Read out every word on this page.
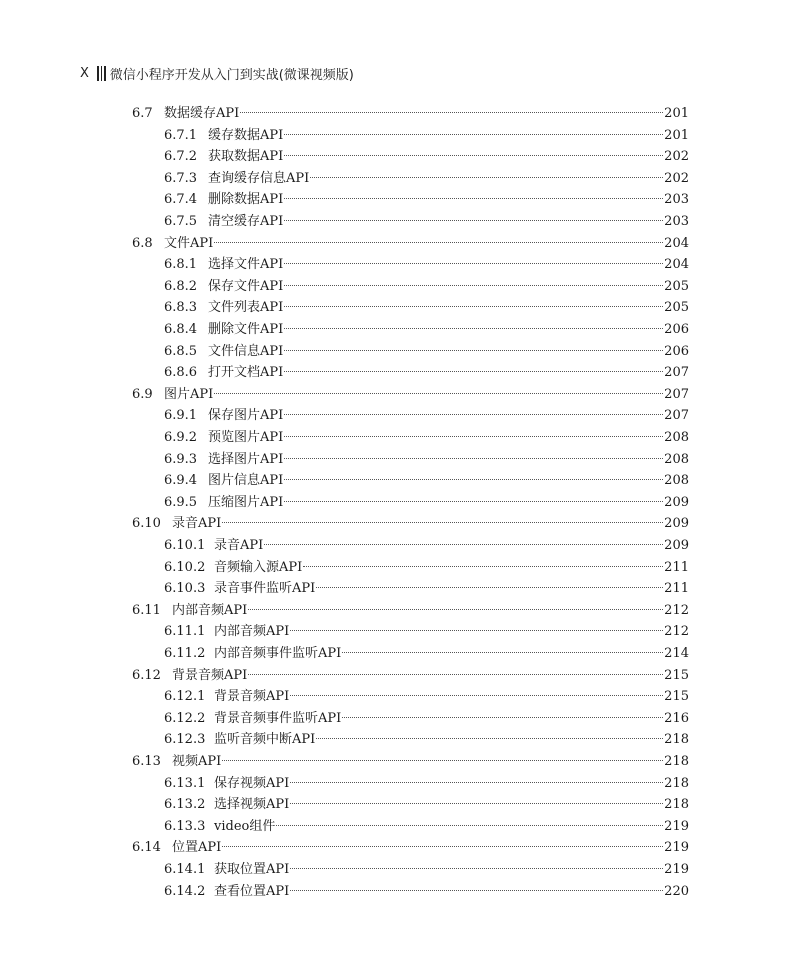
X 微信小程序开发从入门到实战(微课视频版)
6.7 数据缓存API	201
6.7.1 缓存数据API	201
6.7.2 获取数据API	202
6.7.3 查询缓存信息API	202
6.7.4 删除数据API	203
6.7.5 清空缓存API	203
6.8 文件API	204
6.8.1 选择文件API	204
6.8.2 保存文件API	205
6.8.3 文件列表API	205
6.8.4 删除文件API	206
6.8.5 文件信息API	206
6.8.6 打开文档API	207
6.9 图片API	207
6.9.1 保存图片API	207
6.9.2 预览图片API	208
6.9.3 选择图片API	208
6.9.4 图片信息API	208
6.9.5 压缩图片API	209
6.10 录音API	209
6.10.1 录音API	209
6.10.2 音频输入源API	211
6.10.3 录音事件监听API	211
6.11 内部音频API	212
6.11.1 内部音频API	212
6.11.2 内部音频事件监听API	214
6.12 背景音频API	215
6.12.1 背景音频API	215
6.12.2 背景音频事件监听API	216
6.12.3 监听音频中断API	218
6.13 视频API	218
6.13.1 保存视频API	218
6.13.2 选择视频API	218
6.13.3 video组件	219
6.14 位置API	219
6.14.1 获取位置API	219
6.14.2 查看位置API	220
